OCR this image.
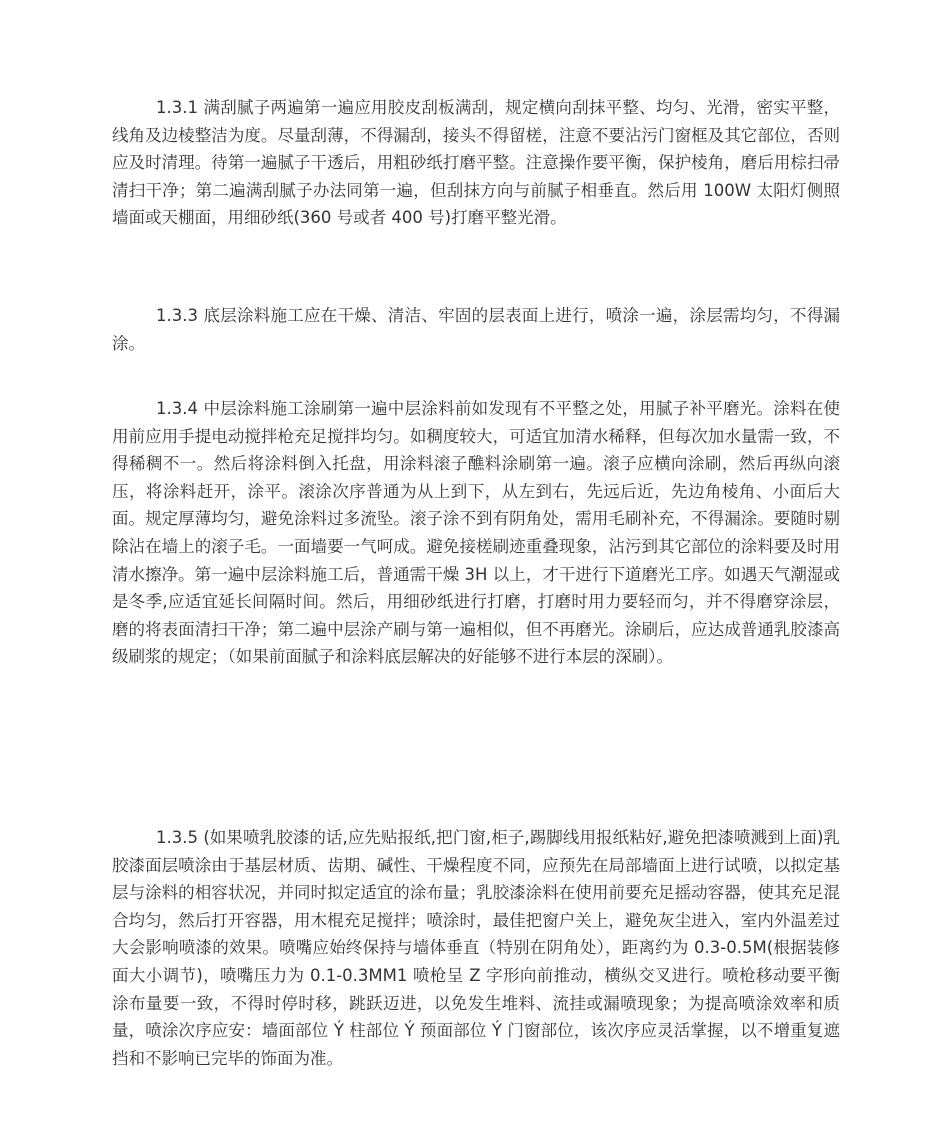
1.3.1 满刮腻子两遍第一遍应用胶皮刮板满刮，规定横向刮抹平整、均匀、光滑，密实平整，线角及边棱整洁为度。尽量刮薄，不得漏刮，接头不得留槎，注意不要沾污门窗框及其它部位，否则应及时清理。待第一遍腻子干透后，用粗砂纸打磨平整。注意操作要平衡，保护棱角，磨后用棕扫帚清扫干净；第二遍满刮腻子办法同第一遍，但刮抹方向与前腻子相垂直。然后用 100W 太阳灯侧照墙面或天棚面，用细砂纸(360 号或者 400 号)打磨平整光滑。

1.3.3 底层涂料施工应在干燥、清洁、牢固的层表面上进行，喷涂一遍，涂层需均匀，不得漏涂。

1.3.4 中层涂料施工涂刷第一遍中层涂料前如发现有不平整之处，用腻子补平磨光。涂料在使用前应用手提电动搅拌枪充足搅拌均匀。如稠度较大，可适宜加清水稀释，但每次加水量需一致，不得稀稠不一。然后将涂料倒入托盘，用涂料滚子醮料涂刷第一遍。滚子应横向涂刷，然后再纵向滚压，将涂料赶开，涂平。滚涂次序普通为从上到下，从左到右，先远后近，先边角棱角、小面后大面。规定厚薄均匀，避免涂料过多流坠。滚子涂不到有阴角处，需用毛刷补充，不得漏涂。要随时剔除沾在墙上的滚子毛。一面墙要一气呵成。避免接槎刷迹重叠现象，沾污到其它部位的涂料要及时用清水擦净。第一遍中层涂料施工后，普通需干燥 3H 以上，才干进行下道磨光工序。如遇天气潮湿或是冬季,应适宜延长间隔时间。然后，用细砂纸进行打磨，打磨时用力要轻而匀，并不得磨穿涂层，磨的将表面清扫干净；第二遍中层涂产刷与第一遍相似，但不再磨光。涂刷后，应达成普通乳胶漆高级刷浆的规定；（如果前面腻子和涂料底层解决的好能够不进行本层的深刷）。

1.3.5 (如果喷乳胶漆的话,应先贴报纸,把门窗,柜子,踢脚线用报纸粘好,避免把漆喷溅到上面)乳胶漆面层喷涂由于基层材质、齿期、碱性、干燥程度不同，应预先在局部墙面上进行试喷，以拟定基层与涂料的相容状况，并同时拟定适宜的涂布量；乳胶漆涂料在使用前要充足摇动容器，使其充足混合均匀，然后打开容器，用木棍充足搅拌；喷涂时，最佳把窗户关上，避免灰尘进入，室内外温差过大会影响喷漆的效果。喷嘴应始终保持与墙体垂直（特别在阴角处），距离约为 0.3-0.5M(根据装修面大小调节)，喷嘴压力为 0.1-0.3MM1 喷枪呈 Z 字形向前推动，横纵交叉进行。喷枪移动要平衡涂布量要一致，不得时停时移，跳跃迈进，以免发生堆料、流挂或漏喷现象；为提高喷涂效率和质量，喷涂次序应安：墙面部位 Ý 柱部位 Ý 预面部位 Ý 门窗部位，该次序应灵活掌握，以不增重复遮挡和不影响已完毕的饰面为准。
